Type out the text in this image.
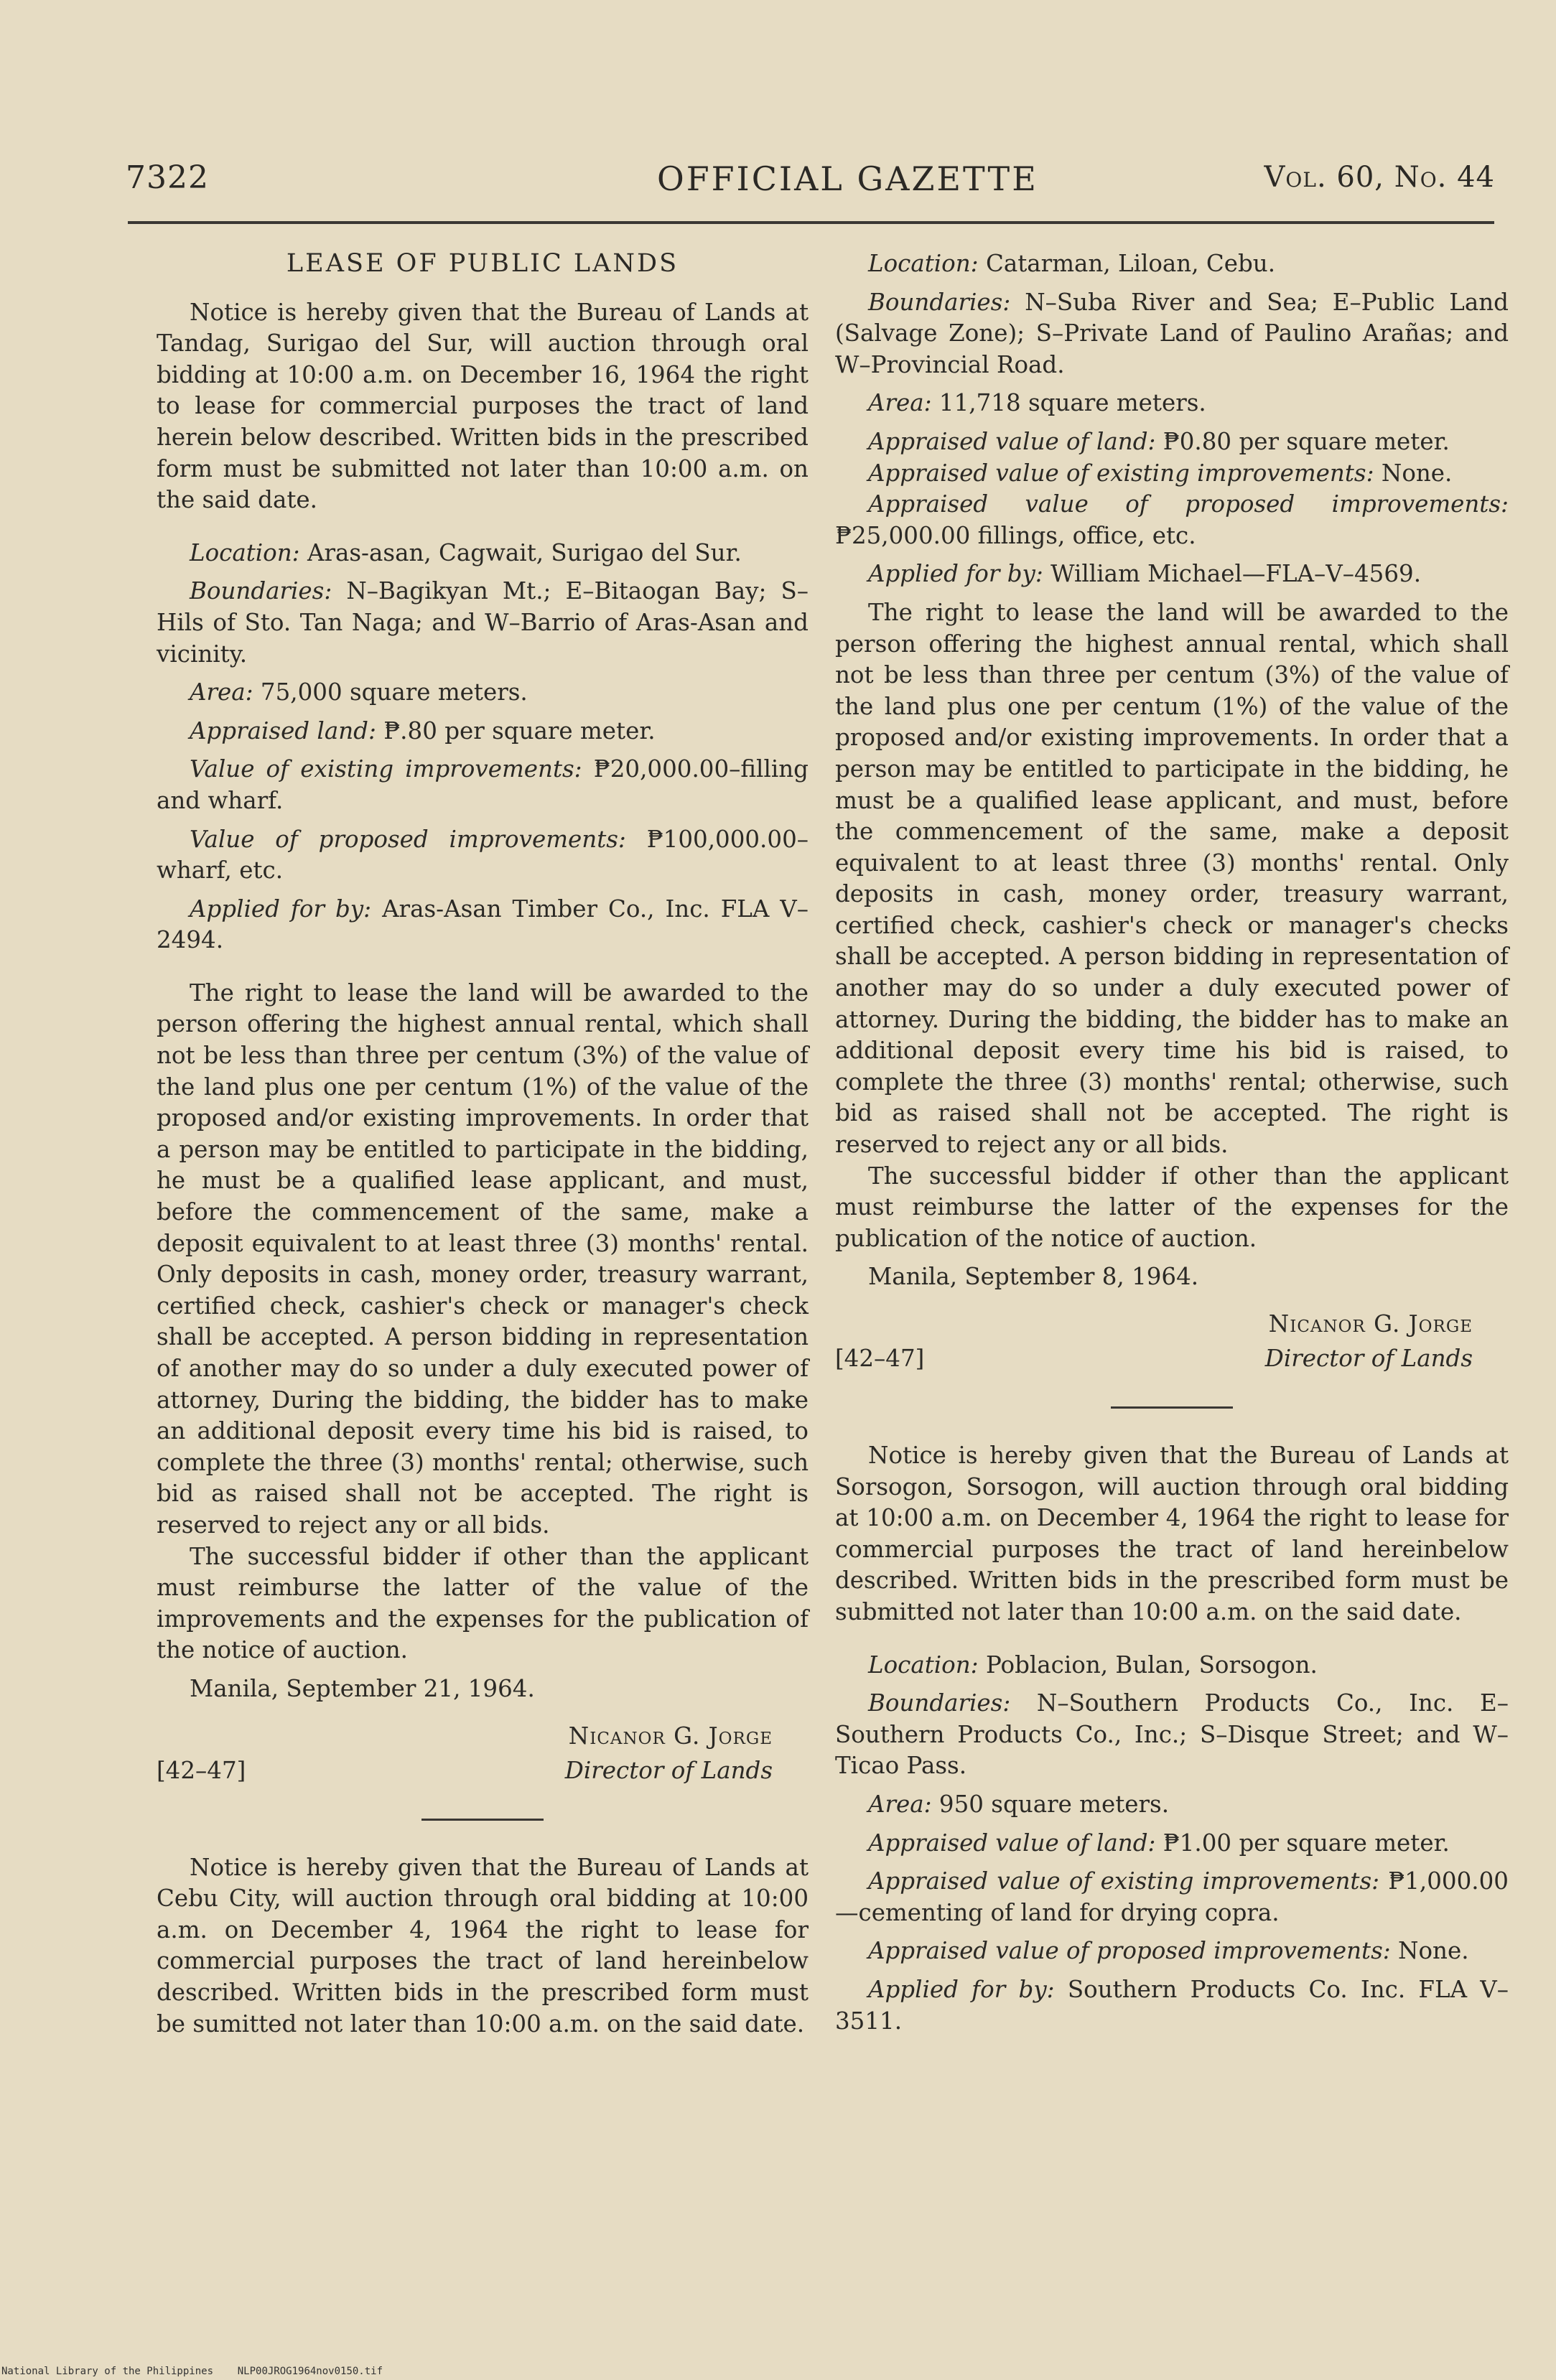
7322	OFFICIAL GAZETTE	Vol. 60, No. 44
LEASE OF PUBLIC LANDS

Notice is hereby given that the Bureau of Lands at Tandag, Surigao del Sur, will auction through oral bidding at 10:00 a.m. on December 16, 1964 the right to lease for commercial purposes the tract of land herein below described. Written bids in the prescribed form must be submitted not later than 10:00 a.m. on the said date.

Location: Aras-asan, Cagwait, Surigao del Sur.

Boundaries: N–Bagikyan Mt.; E–Bitaogan Bay; S–Hils of Sto. Tan Naga; and W–Barrio of Aras-Asan and vicinity.

Area: 75,000 square meters.

Appraised land: ₱.80 per square meter.

Value of existing improvements: ₱20,000.00–filling and wharf.

Value of proposed improvements: ₱100,000.00–wharf, etc.

Applied for by: Aras-Asan Timber Co., Inc. FLA V– 2494.

The right to lease the land will be awarded to the person offering the highest annual rental, which shall not be less than three per centum (3%) of the value of the land plus one per centum (1%) of the value of the proposed and/or existing improvements. In order that a person may be entitled to participate in the bidding, he must be a qualified lease applicant, and must, before the commencement of the same, make a deposit equivalent to at least three (3) months' rental. Only deposits in cash, money order, treasury warrant, certified check, cashier's check or manager's check shall be accepted. A person bidding in representation of another may do so under a duly executed power of attorney, During the bidding, the bidder has to make an additional deposit every time his bid is raised, to complete the three (3) months' rental; otherwise, such bid as raised shall not be accepted. The right is reserved to reject any or all bids.

The successful bidder if other than the applicant must reimburse the latter of the value of the improvements and the expenses for the publication of the notice of auction.

Manila, September 21, 1964.

[42–47]
Nicanor G. Jorge
Director of Lands

Notice is hereby given that the Bureau of Lands at Cebu City, will auction through oral bidding at 10:00 a.m. on December 4, 1964 the right to lease for commercial purposes the tract of land hereinbelow described. Written bids in the prescribed form must be sumitted not later than 10:00 a.m. on the said date.

Location: Catarman, Liloan, Cebu.

Boundaries: N–Suba River and Sea; E–Public Land (Salvage Zone); S–Private Land of Paulino Arañas; and W–Provincial Road.

Area: 11,718 square meters.

Appraised value of land: ₱0.80 per square meter.

Appraised value of existing improvements: None.

Appraised value of proposed improvements: ₱25,000.00 fillings, office, etc.

Applied for by: William Michael—FLA–V–4569.

The right to lease the land will be awarded to the person offering the highest annual rental, which shall not be less than three per centum (3%) of the value of the land plus one per centum (1%) of the value of the proposed and/or existing improvements. In order that a person may be entitled to participate in the bidding, he must be a qualified lease applicant, and must, before the commencement of the same, make a deposit equivalent to at least three (3) months' rental. Only deposits in cash, money order, treasury warrant, certified check, cashier's check or manager's checks shall be accepted. A person bidding in representation of another may do so under a duly executed power of attorney. During the bidding, the bidder has to make an additional deposit every time his bid is raised, to complete the three (3) months' rental; otherwise, such bid as raised shall not be accepted. The right is reserved to reject any or all bids.

The successful bidder if other than the applicant must reimburse the latter of the expenses for the publication of the notice of auction.

Manila, September 8, 1964.

[42–47]
Nicanor G. Jorge
Director of Lands

Notice is hereby given that the Bureau of Lands at Sorsogon, Sorsogon, will auction through oral bidding at 10:00 a.m. on December 4, 1964 the right to lease for commercial purposes the tract of land hereinbelow described. Written bids in the prescribed form must be submitted not later than 10:00 a.m. on the said date.

Location: Poblacion, Bulan, Sorsogon.

Boundaries: N–Southern Products Co., Inc. E–Southern Products Co., Inc.; S–Disque Street; and W–Ticao Pass.

Area: 950 square meters.

Appraised value of land: ₱1.00 per square meter.

Appraised value of existing improvements: ₱1,000.00—cementing of land for drying copra.

Appraised value of proposed improvements: None.

Applied for by: Southern Products Co. Inc. FLA V–3511.

National Library of the Philippines NLP00JROG1964nov0150.tif
